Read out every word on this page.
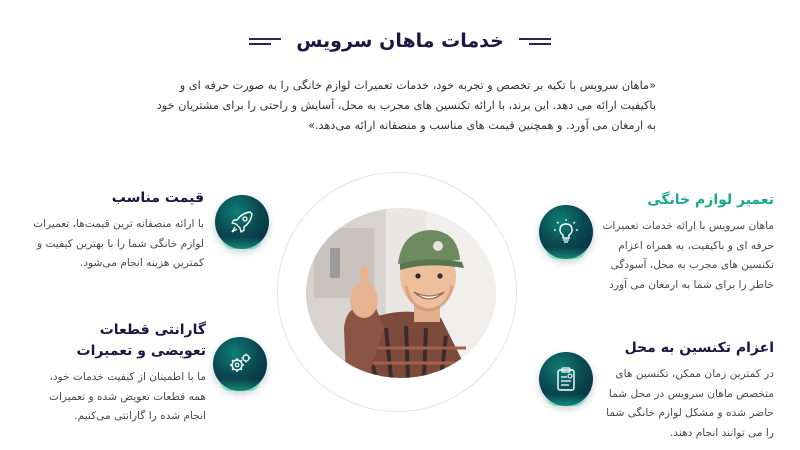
خدمات ماهان سرویس
«ماهان سرویس با تکیه بر تخصص و تجربه خود، خدمات تعمیرات لوازم خانگی را به صورت حرفه ای و باکیفیت ارائه می دهد. این برند، با ارائه تکنسین های مجرب به محل، آسایش و راحتی را برای مشتریان خود به ارمغان می آورد. و همچنین قیمت های مناسب و منصفانه ارائه می‌دهد.»
قیمت مناسب
با ارائه منصفانه ترین قیمت‌ها، تعمیرات لوازم خانگی شما را با بهترین کیفیت و کمترین هزینه انجام می‌شود.
تعمیر لوازم خانگی
ماهان سرویس با ارائه خدمات تعمیرات حرفه ای و باکیفیت، به همراه اعزام تکنسین های مجرب به محل، آسودگی خاطر را برای شما به ارمغان می آورد
گارانتی قطعات تعویضی و تعمیرات
ما با اطمینان از کیفیت خدمات خود، همه قطعات تعویض شده و تعمیرات انجام شده را گارانتی می‌کنیم.
اعزام تکنسین به محل
در کمترین زمان ممکن، تکنسین های متخصص ماهان سرویس در محل شما حاضر شده و مشکل لوازم خانگی شما را می توانند انجام دهند.
